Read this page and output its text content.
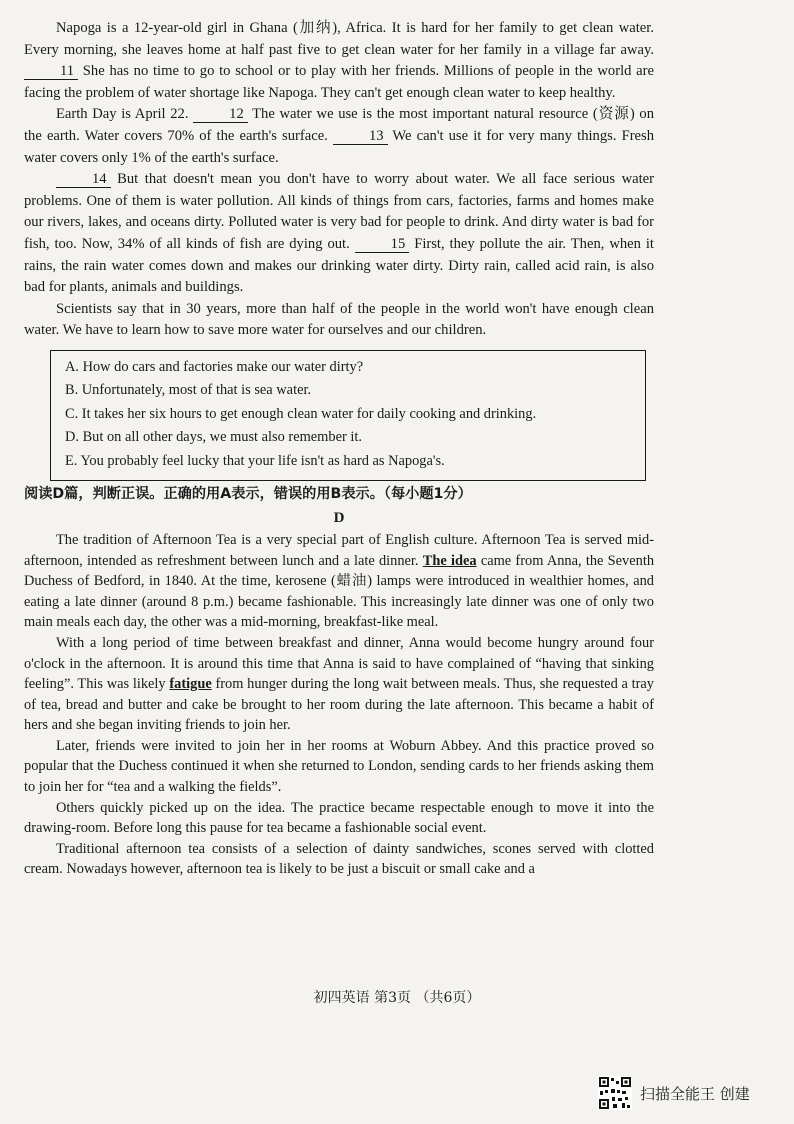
Napoga is a 12-year-old girl in Ghana (加纳), Africa. It is hard for her family to get clean water. Every morning, she leaves home at half past five to get clean water for her family in a village far away. 11 She has no time to go to school or to play with her friends. Millions of people in the world are facing the problem of water shortage like Napoga. They can't get enough clean water to keep healthy.

Earth Day is April 22. 12 The water we use is the most important natural resource (资源) on the earth. Water covers 70% of the earth's surface. 13 We can't use it for very many things. Fresh water covers only 1% of the earth's surface.

14 But that doesn't mean you don't have to worry about water. We all face serious water problems. One of them is water pollution. All kinds of things from cars, factories, farms and homes make our rivers, lakes, and oceans dirty. Polluted water is very bad for people to drink. And dirty water is bad for fish, too. Now, 34% of all kinds of fish are dying out. 15 First, they pollute the air. Then, when it rains, the rain water comes down and makes our drinking water dirty. Dirty rain, called acid rain, is also bad for plants, animals and buildings.

Scientists say that in 30 years, more than half of the people in the world won't have enough clean water. We have to learn how to save more water for ourselves and our children.

A. How do cars and factories make our water dirty?
B. Unfortunately, most of that is sea water.
C. It takes her six hours to get enough clean water for daily cooking and drinking.
D. But on all other days, we must also remember it.
E. You probably feel lucky that your life isn't as hard as Napoga's.
阅读D篇，判断正误。正确的用A表示，错误的用B表示。（每小题1分）
D

The tradition of Afternoon Tea is a very special part of English culture. Afternoon Tea is served mid-afternoon, intended as refreshment between lunch and a late dinner. The idea came from Anna, the Seventh Duchess of Bedford, in 1840. At the time, kerosene (蜡油) lamps were introduced in wealthier homes, and eating a late dinner (around 8 p.m.) became fashionable. This increasingly late dinner was one of only two main meals each day, the other was a mid-morning, breakfast-like meal.

With a long period of time between breakfast and dinner, Anna would become hungry around four o'clock in the afternoon. It is around this time that Anna is said to have complained of “having that sinking feeling”. This was likely fatigue from hunger during the long wait between meals. Thus, she requested a tray of tea, bread and butter and cake be brought to her room during the late afternoon. This became a habit of hers and she began inviting friends to join her.

Later, friends were invited to join her in her rooms at Woburn Abbey. And this practice proved so popular that the Duchess continued it when she returned to London, sending cards to her friends asking them to join her for “tea and a walking the fields”.

Others quickly picked up on the idea. The practice became respectable enough to move it into the drawing-room. Before long this pause for tea became a fashionable social event.

Traditional afternoon tea consists of a selection of dainty sandwiches, scones served with clotted cream. Nowadays however, afternoon tea is likely to be just a biscuit or small cake and a

初四英语 第3页 （共6页）
扫描全能王 创建
